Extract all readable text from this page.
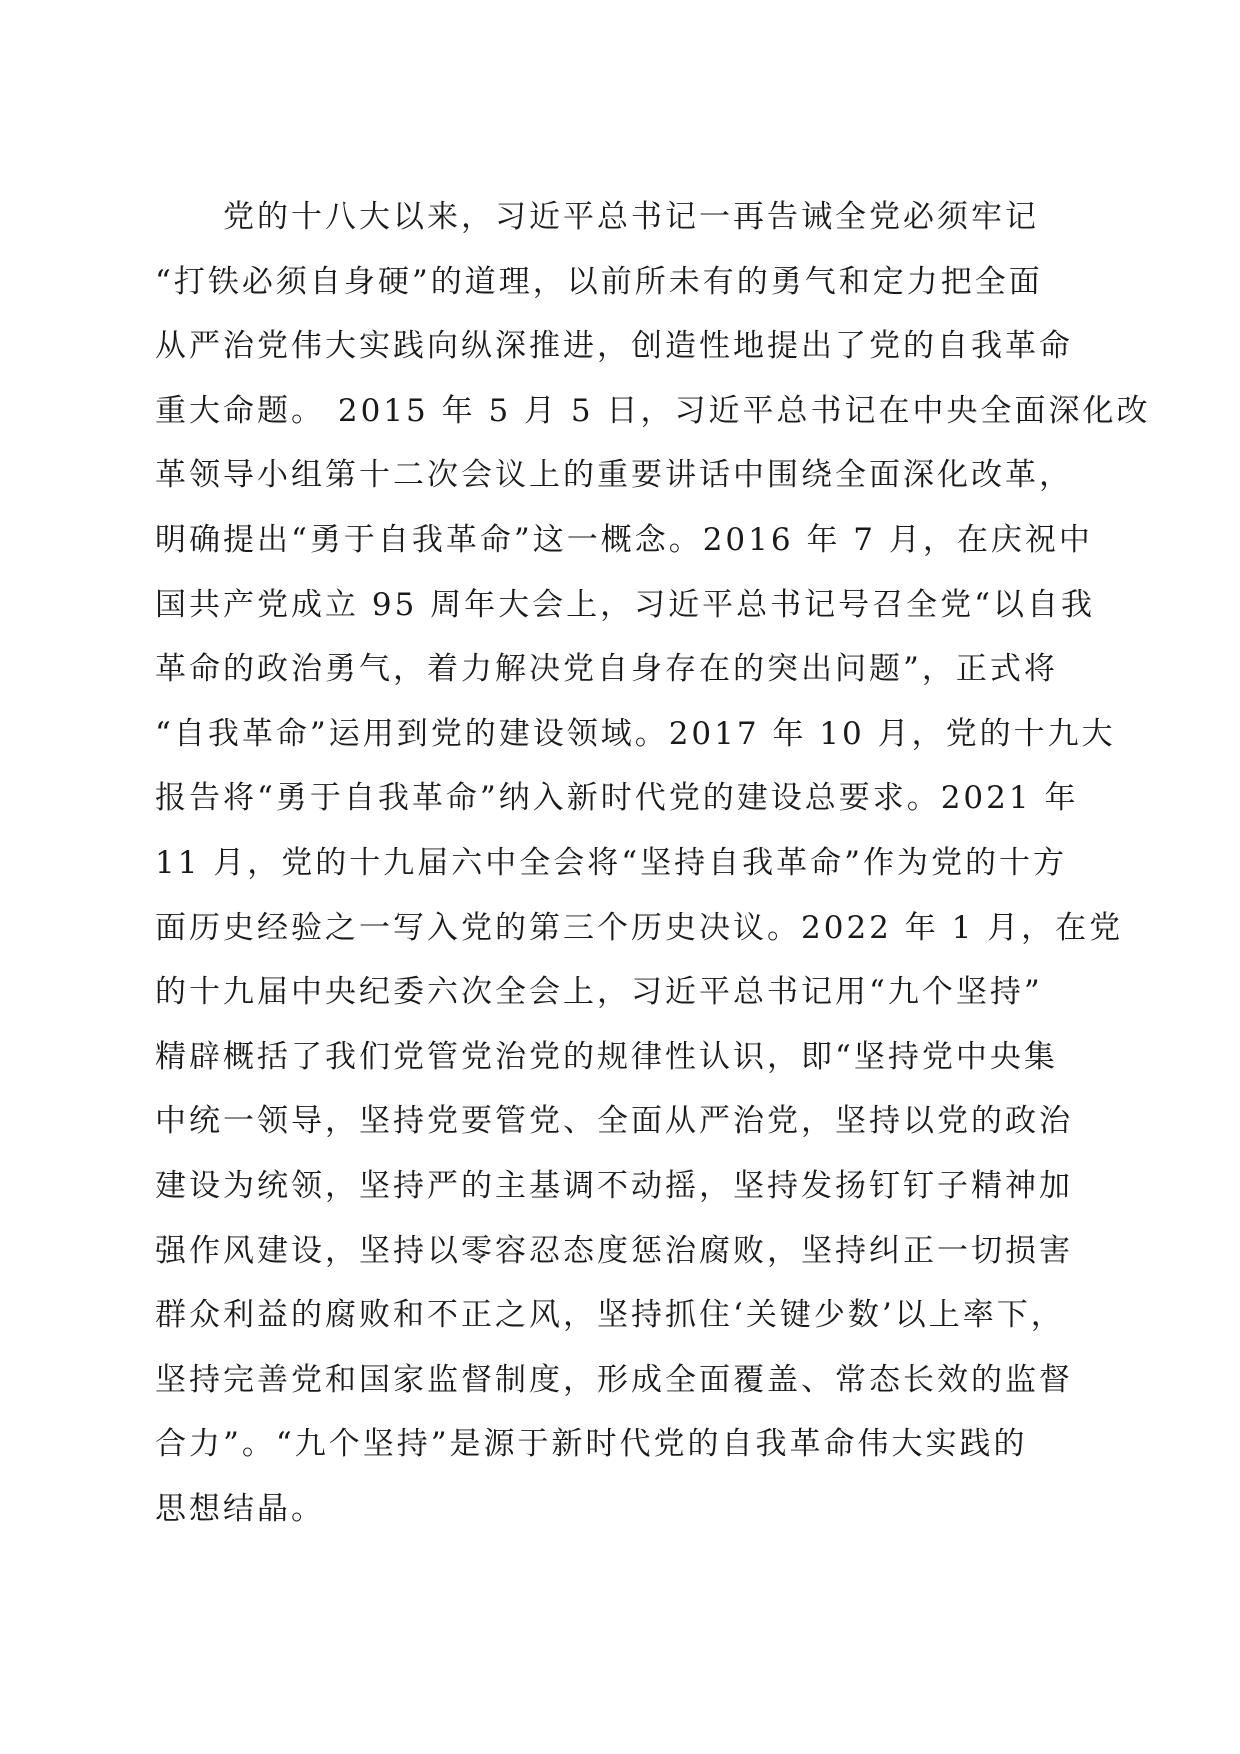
党的十八大以来，习近平总书记一再告诫全党必须牢记
“打铁必须自身硬”的道理，以前所未有的勇气和定力把全面
从严治党伟大实践向纵深推进，创造性地提出了党的自我革命
重大命题。 2015 年 5 月 5 日，习近平总书记在中央全面深化改
革领导小组第十二次会议上的重要讲话中围绕全面深化改革，
明确提出“勇于自我革命”这一概念。2016 年 7 月，在庆祝中
国共产党成立 95 周年大会上，习近平总书记号召全党“以自我
革命的政治勇气，着力解决党自身存在的突出问题”，正式将
“自我革命”运用到党的建设领域。2017 年 10 月，党的十九大
报告将“勇于自我革命”纳入新时代党的建设总要求。2021 年
11 月，党的十九届六中全会将“坚持自我革命”作为党的十方
面历史经验之一写入党的第三个历史决议。2022 年 1 月，在党
的十九届中央纪委六次全会上，习近平总书记用“九个坚持”
精辟概括了我们党管党治党的规律性认识，即“坚持党中央集
中统一领导，坚持党要管党、全面从严治党，坚持以党的政治
建设为统领，坚持严的主基调不动摇，坚持发扬钉钉子精神加
强作风建设，坚持以零容忍态度惩治腐败，坚持纠正一切损害
群众利益的腐败和不正之风，坚持抓住‘关键少数’以上率下，
坚持完善党和国家监督制度，形成全面覆盖、常态长效的监督
合力”。“九个坚持”是源于新时代党的自我革命伟大实践的
思想结晶。
